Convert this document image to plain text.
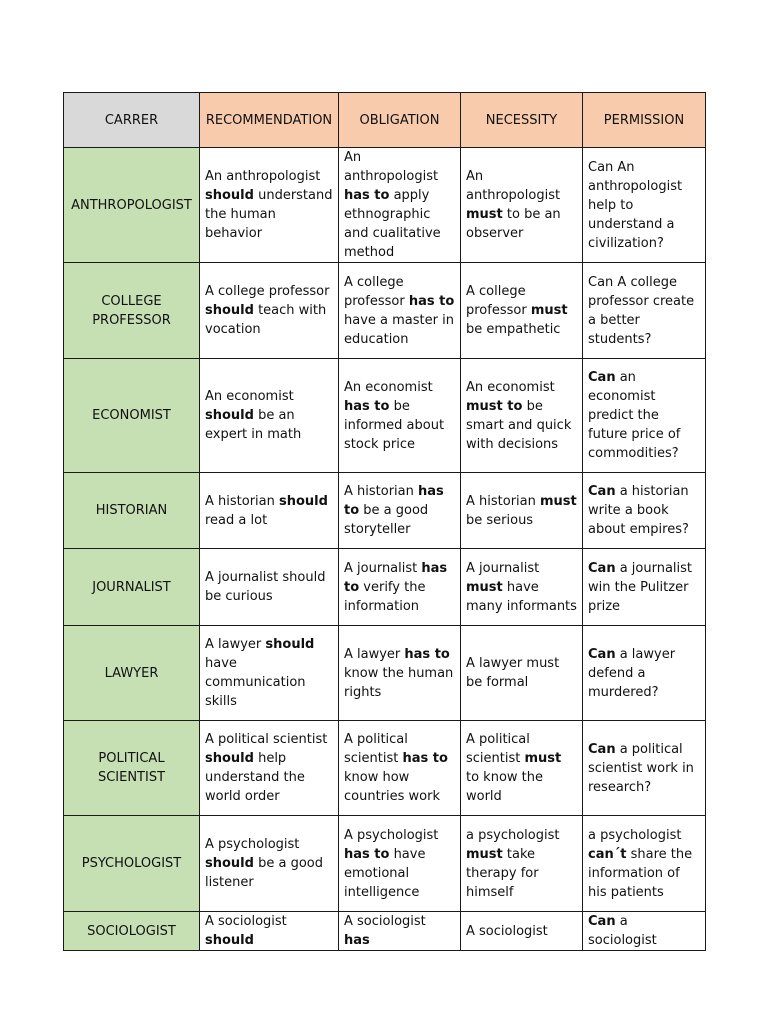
CARRER	RECOMMENDATION	OBLIGATION	NECESSITY	PERMISSION
ANTHROPOLOGIST	An anthropologist should understand the human behavior	An anthropologist has to apply ethnographic and cualitative method	An anthropologist must to be an observer	Can An anthropologist help to understand a civilization?
COLLEGE PROFESSOR	A college professor should teach with vocation	A college professor has to have a master in education	A college professor must be empathetic	Can A college professor create a better students?
ECONOMIST	An economist should be an expert in math	An economist has to be informed about stock price	An economist must to be smart and quick with decisions	Can an economist predict the future price of commodities?
HISTORIAN	A historian should read a lot	A historian has to be a good storyteller	A historian must be serious	Can a historian write a book about empires?
JOURNALIST	A journalist should be curious	A journalist has to verify the information	A journalist must have many informants	Can a journalist win the Pulitzer prize
LAWYER	A lawyer should have communication skills	A lawyer has to know the human rights	A lawyer must be formal	Can a lawyer defend a murdered?
POLITICAL SCIENTIST	A political scientist should help understand the world order	A political scientist has to know how countries work	A political scientist must to know the world	Can a political scientist work in research?
PSYCHOLOGIST	A psychologist should be a good listener	A psychologist has to have emotional intelligence	a psychologist must take therapy for himself	a psychologist can´t share the information of his patients
SOCIOLOGIST	A sociologist should	A sociologist has	A sociologist	Can a sociologist
